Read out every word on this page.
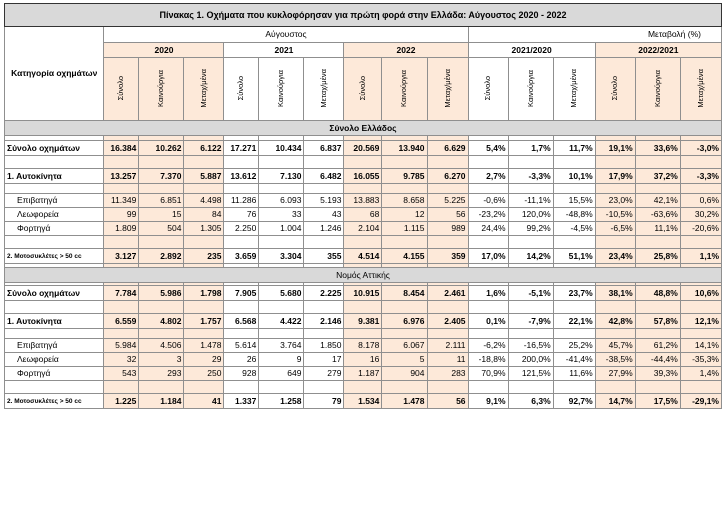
Πίνακας 1. Οχήματα που κυκλοφόρησαν για πρώτη φορά στην Ελλάδα: Αύγουστος 2020 - 2022															
Κατηγορία οχημάτων	Αύγουστος									Μεταβολή (%)					
	2020			2021			2022			2021/2020			2022/2021		
	Σύνολο	Καινούργια	Μεταχ/μένα	Σύνολο	Καινούργια	Μεταχ/μένα	Σύνολο	Καινούργια	Μεταχ/μένα	Σύνολο	Καινούργια	Μεταχ/μένα	Σύνολο	Καινούργια	Μεταχ/μένα
Σύνολο Ελλάδος															

Σύνολο οχημάτων	16.384	10.262	6.122	17.271	10.434	6.837	20.569	13.940	6.629	5,4%	1,7%	11,7%	19,1%	33,6%	-3,0%

1. Αυτοκίνητα	13.257	7.370	5.887	13.612	7.130	6.482	16.055	9.785	6.270	2,7%	-3,3%	10,1%	17,9%	37,2%	-3,3%

Επιβατηγά	11.349	6.851	4.498	11.286	6.093	5.193	13.883	8.658	5.225	-0,6%	-11,1%	15,5%	23,0%	42,1%	0,6%
Λεωφορεία	99	15	84	76	33	43	68	12	56	-23,2%	120,0%	-48,8%	-10,5%	-63,6%	30,2%
Φορτηγά	1.809	504	1.305	2.250	1.004	1.246	2.104	1.115	989	24,4%	99,2%	-4,5%	-6,5%	11,1%	-20,6%

2. Μοτοσυκλέτες > 50 cc	3.127	2.892	235	3.659	3.304	355	4.514	4.155	359	17,0%	14,2%	51,1%	23,4%	25,8%	1,1%

Νομός Αττικής															

Σύνολο οχημάτων	7.784	5.986	1.798	7.905	5.680	2.225	10.915	8.454	2.461	1,6%	-5,1%	23,7%	38,1%	48,8%	10,6%

1. Αυτοκίνητα	6.559	4.802	1.757	6.568	4.422	2.146	9.381	6.976	2.405	0,1%	-7,9%	22,1%	42,8%	57,8%	12,1%

Επιβατηγά	5.984	4.506	1.478	5.614	3.764	1.850	8.178	6.067	2.111	-6,2%	-16,5%	25,2%	45,7%	61,2%	14,1%
Λεωφορεία	32	3	29	26	9	17	16	5	11	-18,8%	200,0%	-41,4%	-38,5%	-44,4%	-35,3%
Φορτηγά	543	293	250	928	649	279	1.187	904	283	70,9%	121,5%	11,6%	27,9%	39,3%	1,4%

2. Μοτοσυκλέτες > 50 cc	1.225	1.184	41	1.337	1.258	79	1.534	1.478	56	9,1%	6,3%	92,7%	14,7%	17,5%	-29,1%
